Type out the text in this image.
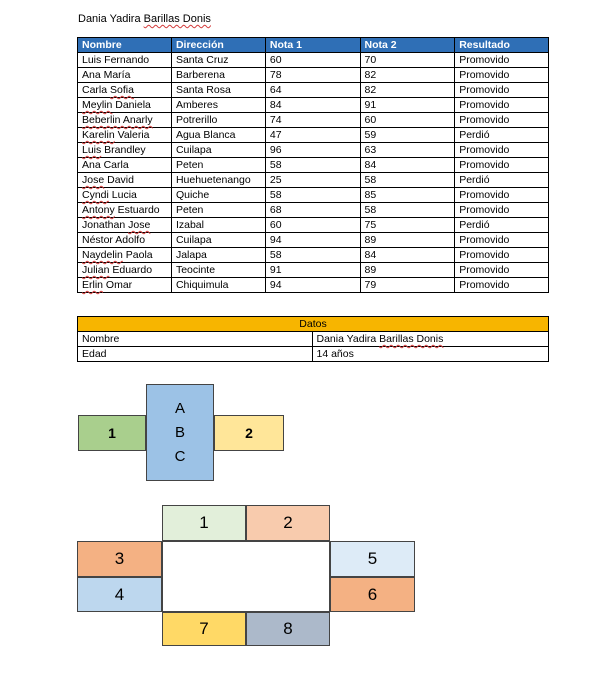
Dania Yadira Barillas Donis
Nombre	Dirección	Nota 1	Nota 2	Resultado
Luis Fernando	Santa Cruz	60	70	Promovido
Ana María	Barberena	78	82	Promovido
Carla Sofia	Santa Rosa	64	82	Promovido
Meylin Daniela	Amberes	84	91	Promovido
Beberlin Anarly	Potrerillo	74	60	Promovido
Karelin Valeria	Agua Blanca	47	59	Perdió
Luis Brandley	Cuilapa	96	63	Promovido
Ana Carla	Peten	58	84	Promovido
Jose David	Huehuetenango	25	58	Perdió
Cyndi Lucia	Quiche	58	85	Promovido
Antony Estuardo	Peten	68	58	Promovido
Jonathan Jose	Izabal	60	75	Perdió
Néstor Adolfo	Cuilapa	94	89	Promovido
Naydelin Paola	Jalapa	58	84	Promovido
Julian Eduardo	Teocinte	91	89	Promovido
Erlin Omar	Chiquimula	94	79	Promovido
Datos	
Nombre	Dania Yadira Barillas Donis
Edad	14 años
1
A
B
C
2
1	2
3
4
5
6
7	8
